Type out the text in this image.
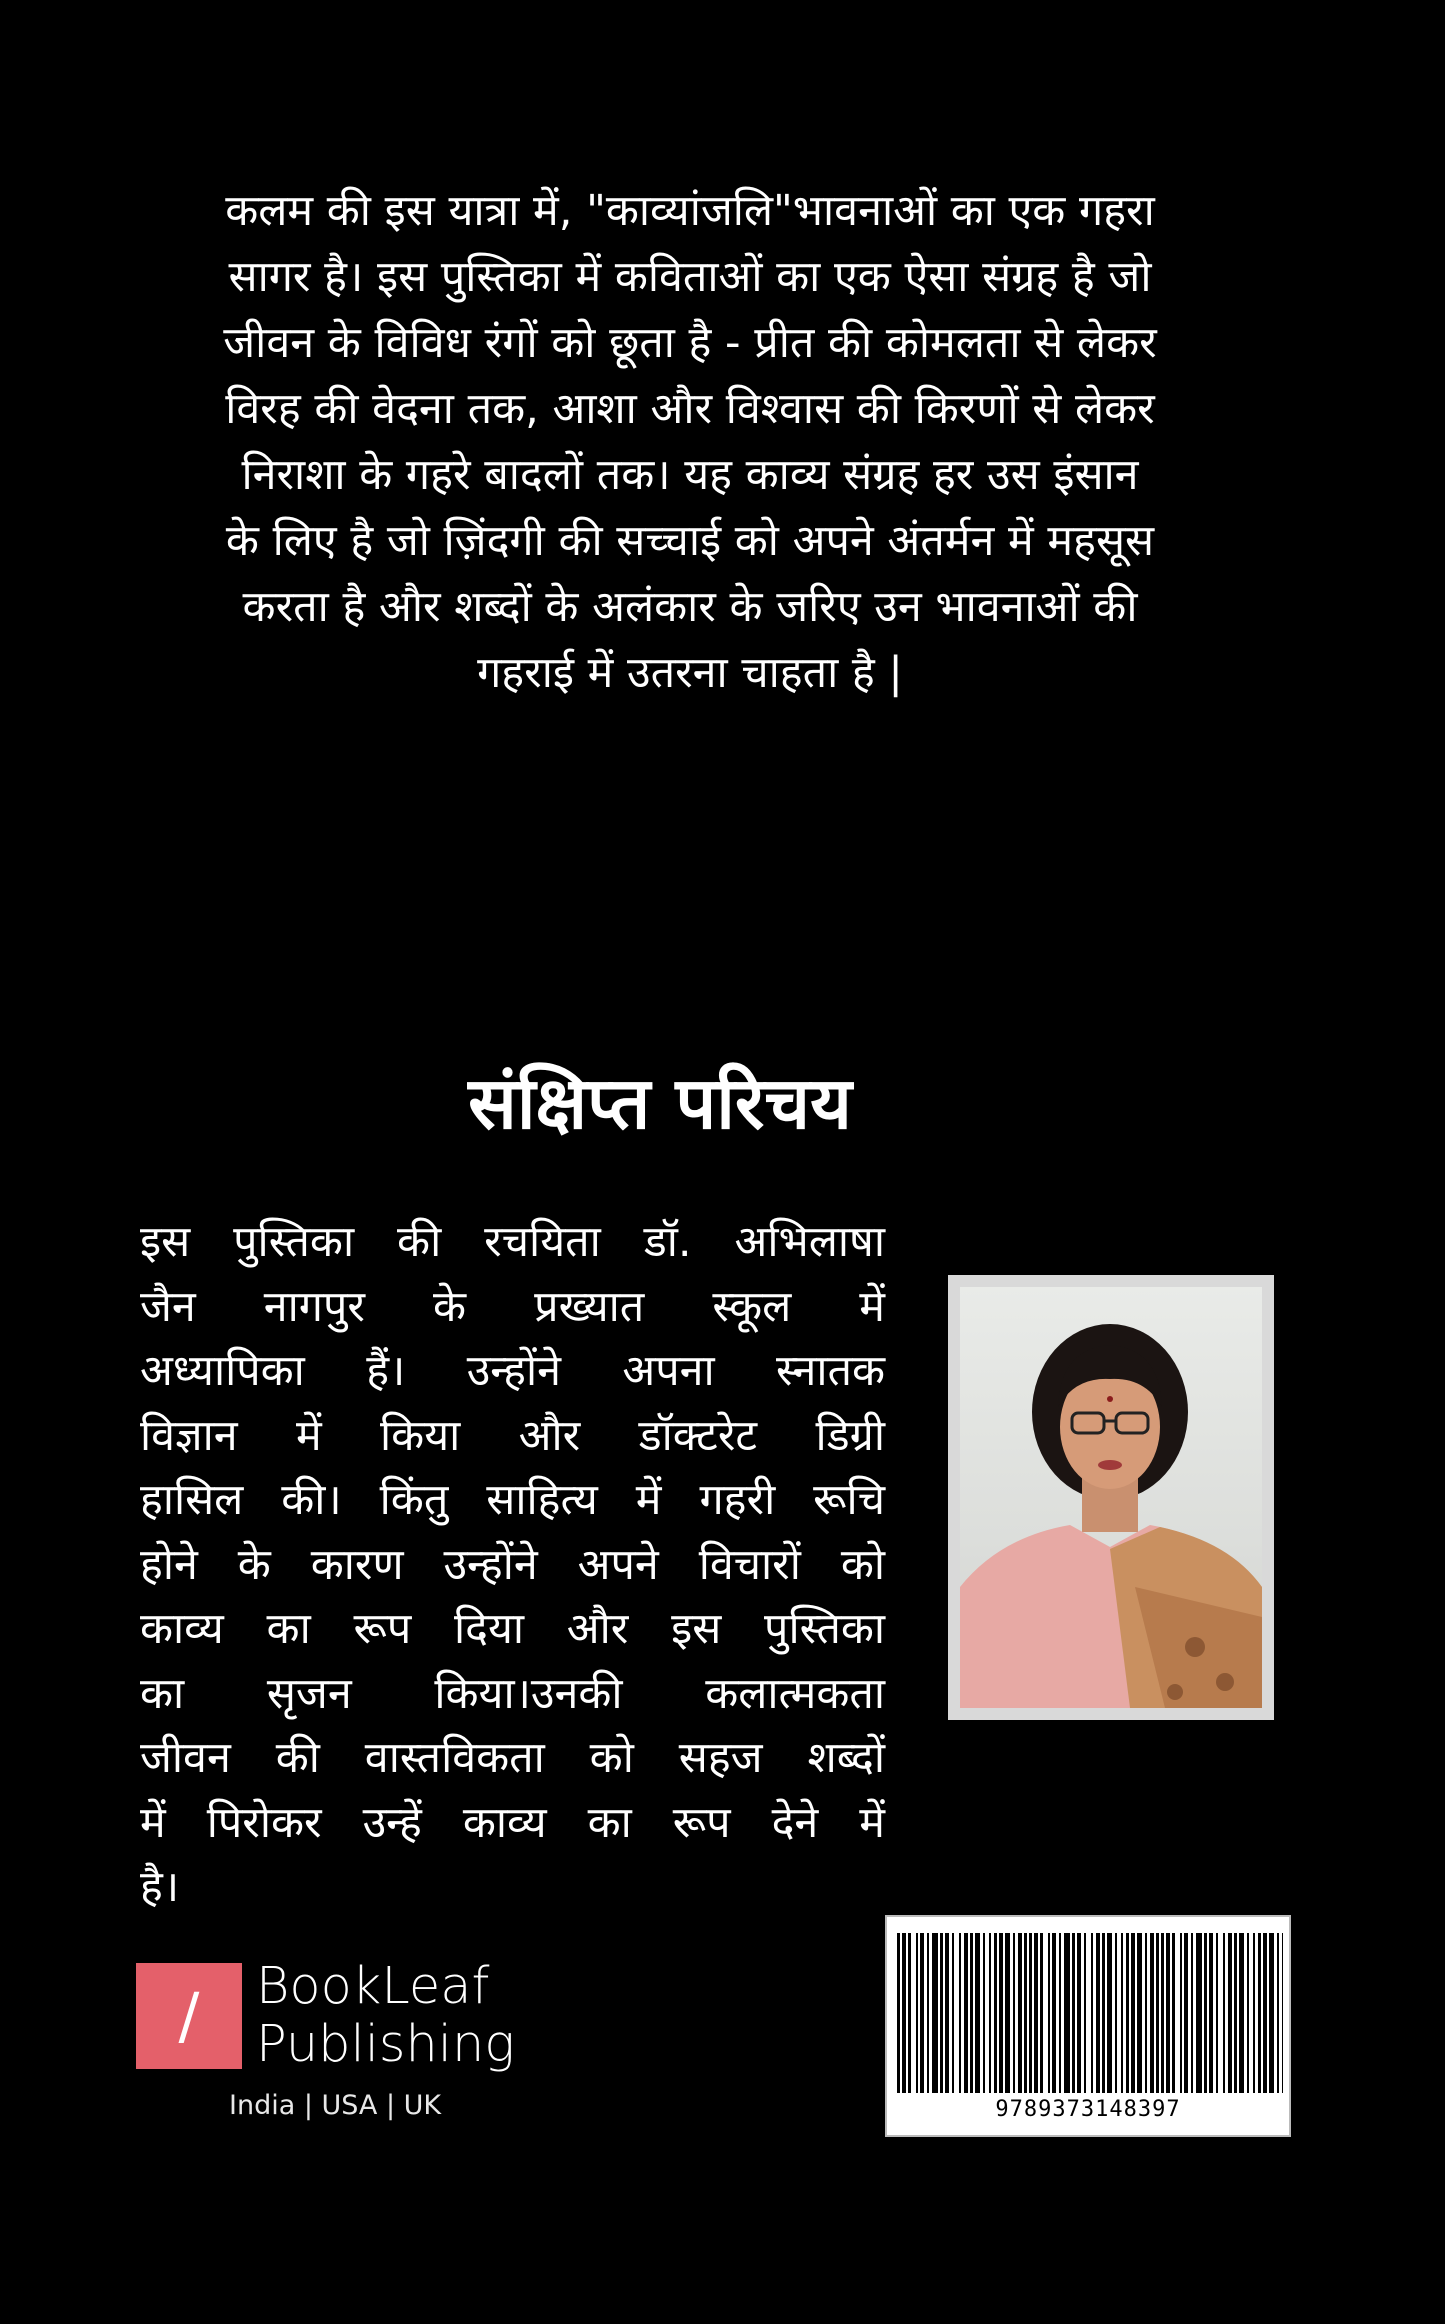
कलम की इस यात्रा में, "काव्यांजलि"भावनाओं का एक गहरा
सागर है। इस पुस्तिका में कविताओं का एक ऐसा संग्रह है जो
जीवन के विविध रंगों को छूता है - प्रीत की कोमलता से लेकर
विरह की वेदना तक, आशा और विश्वास की किरणों से लेकर
निराशा के गहरे बादलों तक। यह काव्य संग्रह हर उस इंसान
के लिए है जो ज़िंदगी की सच्चाई को अपने अंतर्मन में महसूस
करता है और शब्दों के अलंकार के जरिए उन भावनाओं की
गहराई में उतरना चाहता है |
संक्षिप्त परिचय
इस पुस्तिका की रचयिता डॉ. अभिलाषा
जैन नागपुर के प्रख्यात स्कूल में
अध्यापिका हैं। उन्होंने अपना स्नातक
विज्ञान में किया और डॉक्टरेट डिग्री
हासिल की। किंतु साहित्य में गहरी रूचि
होने के कारण उन्होंने अपने विचारों को
काव्य का रूप दिया और इस पुस्तिका
का सृजन किया।उनकी कलात्मकता
जीवन की वास्तविकता को सहज शब्दों
में पिरोकर उन्हें काव्य का रूप देने में
है।
/ BookLeaf
Publishing
India | USA | UK	9789373148397
